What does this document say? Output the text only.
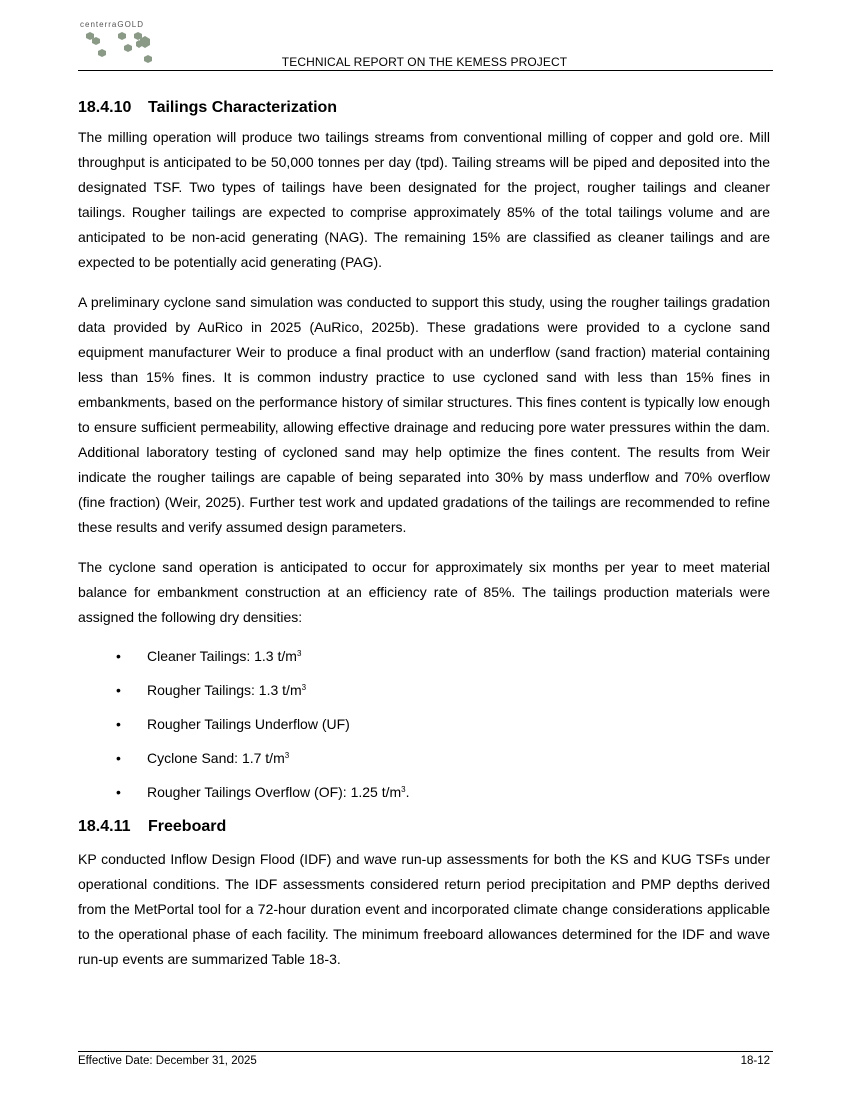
centerraGOLD
TECHNICAL REPORT ON THE KEMESS PROJECT
18.4.10 Tailings Characterization

The milling operation will produce two tailings streams from conventional milling of copper and gold ore. Mill throughput is anticipated to be 50,000 tonnes per day (tpd). Tailing streams will be piped and deposited into the designated TSF. Two types of tailings have been designated for the project, rougher tailings and cleaner tailings. Rougher tailings are expected to comprise approximately 85% of the total tailings volume and are anticipated to be non-acid generating (NAG). The remaining 15% are classified as cleaner tailings and are expected to be potentially acid generating (PAG).

A preliminary cyclone sand simulation was conducted to support this study, using the rougher tailings gradation data provided by AuRico in 2025 (AuRico, 2025b). These gradations were provided to a cyclone sand equipment manufacturer Weir to produce a final product with an underflow (sand fraction) material containing less than 15% fines. It is common industry practice to use cycloned sand with less than 15% fines in embankments, based on the performance history of similar structures. This fines content is typically low enough to ensure sufficient permeability, allowing effective drainage and reducing pore water pressures within the dam. Additional laboratory testing of cycloned sand may help optimize the fines content. The results from Weir indicate the rougher tailings are capable of being separated into 30% by mass underflow and 70% overflow (fine fraction) (Weir, 2025). Further test work and updated gradations of the tailings are recommended to refine these results and verify assumed design parameters.

The cyclone sand operation is anticipated to occur for approximately six months per year to meet material balance for embankment construction at an efficiency rate of 85%. The tailings production materials were assigned the following dry densities:

• Cleaner Tailings: 1.3 $t/m^3$
• Rougher Tailings: 1.3 $t/m^3$
• Rougher Tailings Underflow (UF)
• Cyclone Sand: 1.7 $t/m^3$
• Rougher Tailings Overflow (OF): 1.25 $t/m^3$.
18.4.11 Freeboard

KP conducted Inflow Design Flood (IDF) and wave run-up assessments for both the KS and KUG TSFs under operational conditions. The IDF assessments considered return period precipitation and PMP depths derived from the MetPortal tool for a 72-hour duration event and incorporated climate change considerations applicable to the operational phase of each facility. The minimum freeboard allowances determined for the IDF and wave run-up events are summarized Table 18-3.

Effective Date: December 31, 2025	18-12
